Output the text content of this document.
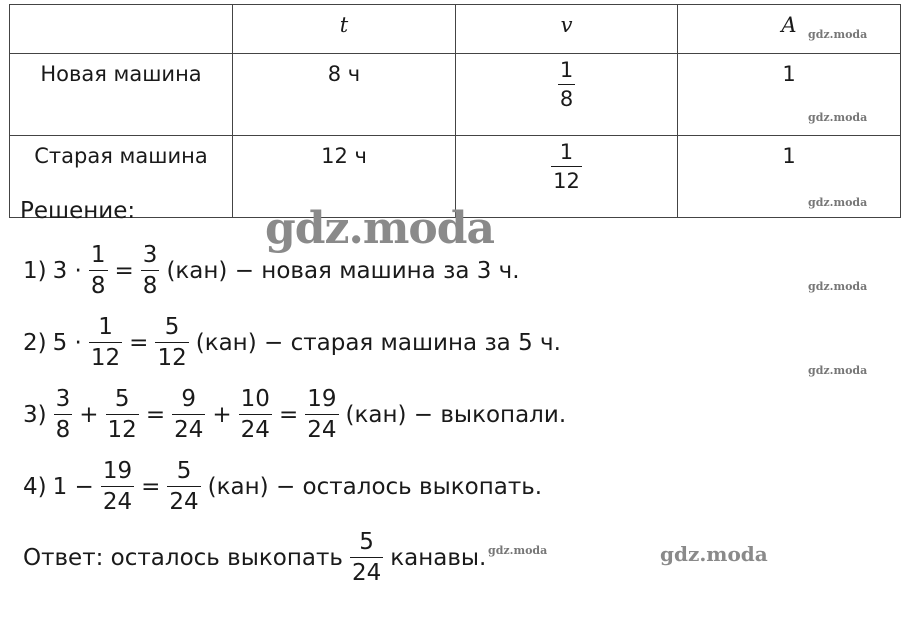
	t	v	A
Новая машина	8 ч	$\frac{1}{8}$	1
Старая машина	12 ч	$\frac{1}{12}$	1
Решение:
1) $3 \cdot \frac{1}{8} = \frac{3}{8} (кан)$ − новая машина за 3 ч.
2) $5 \cdot \frac{1}{12} = \frac{5}{12} (кан)$ − старая машина за 5 ч.
$3) \frac{3}{8} + \frac{5}{12} = \frac{9}{24} + \frac{10}{24} = \frac{19}{24} (кан)$ − выкопали.
4) $1 - \frac{19}{24} = \frac{5}{24} (кан)$ − осталось выкопать.
Ответ: осталось выкопать $\frac{5}{24}$ канавы.
gdz.moda
gdz.moda
gdz.moda
gdz.moda
gdz.moda
gdz.moda
gdz.moda
gdz.moda
